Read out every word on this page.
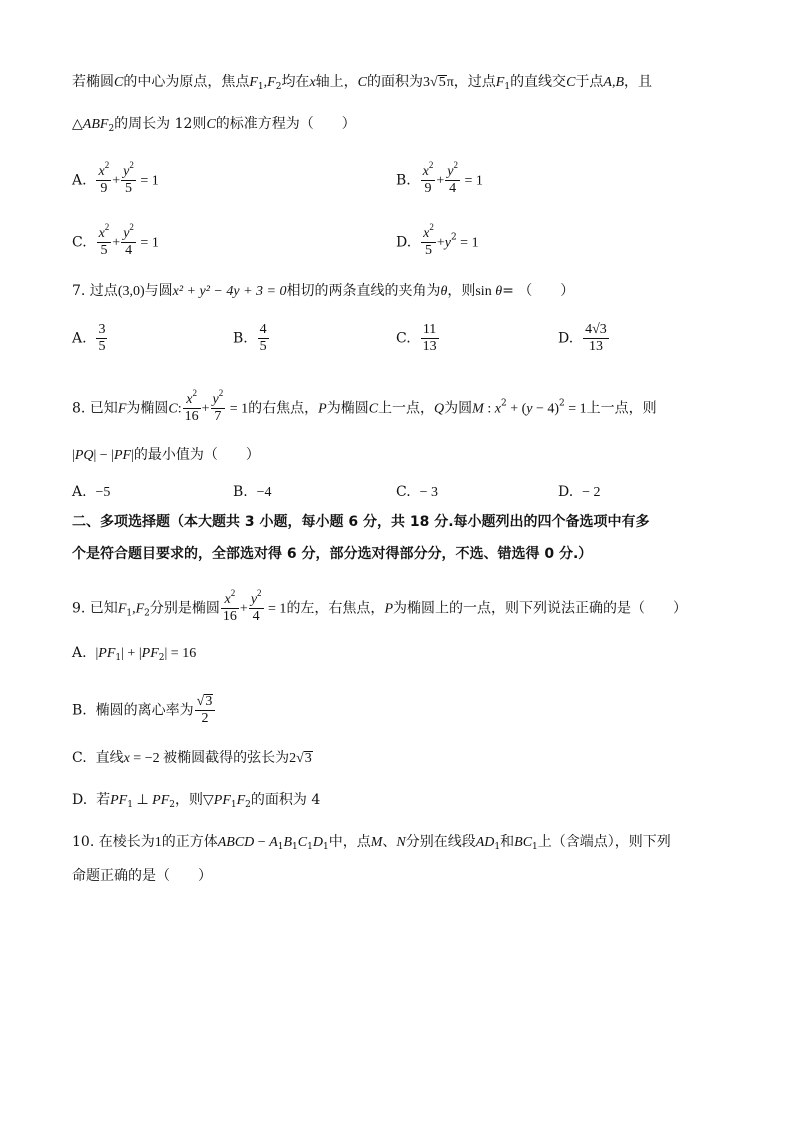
若椭圆C的中心为原点，焦点$F_1,F_2$均在x轴上，C的面积为3√5π，过点$F_1$的直线交C于点A,B，且
$\triangle ABF_2$的周长为 12则C的标准方程为（　　）
A. $\frac{x^2}{9} + \frac{y^2}{5} = 1$	B. $\frac{x^2}{9} + \frac{y^2}{4} = 1$
C. $\frac{x^2}{5} + \frac{y^2}{4} = 1$	D. $\frac{x^2}{5} +y^2 = 1$
7. 过点(3,0)与圆x² + y² − 4y + 3 = 0相切的两条直线的夹角为θ，则sin θ= （　　）
A. $\frac{3}{5}$	B. $\frac{4}{5}$	C. $\frac{11}{13}$	D. $\frac{4√3}{13}$
8. 已知F为椭圆C: $\frac{x^2}{16} + \frac{y^2}{7} = 1$的右焦点，P为椭圆C上一点，Q为圆M : $x^2 + (y - 4)^2 = 1$上一点，则
|PQ| − |PF|的最小值为（　　）
A. −5	B. −4	C. − 3	D. − 2
二、多项选择题（本大题共 3 小题，每小题 6 分，共 18 分.每小题列出的四个备选项中有多
个是符合题目要求的，全部选对得 6 分，部分选对得部分分，不选、错选得 0 分.）
9. 已知$F_1,F_2$分别是椭圆 $\frac{x^2}{16} + \frac{y^2}{4} = 1$的左，右焦点，P为椭圆上的一点，则下列说法正确的是（　　）
A. $|PF_1| + |PF_2| = 16$
B. 椭圆的离心率为 $\frac{√3}{2}$
C. 直线x = −2 被椭圆截得的弦长为2√3
D. 若$PF_1$ ⊥ $PF_2$，则$▽PF_1F_2$的面积为 4
10. 在棱长为1的正方体ABCD − $A_1B_1C_1D_1$中，点M、N分别在线段$AD_1$和$BC_1$上（含端点），则下列
命题正确的是（　　）
